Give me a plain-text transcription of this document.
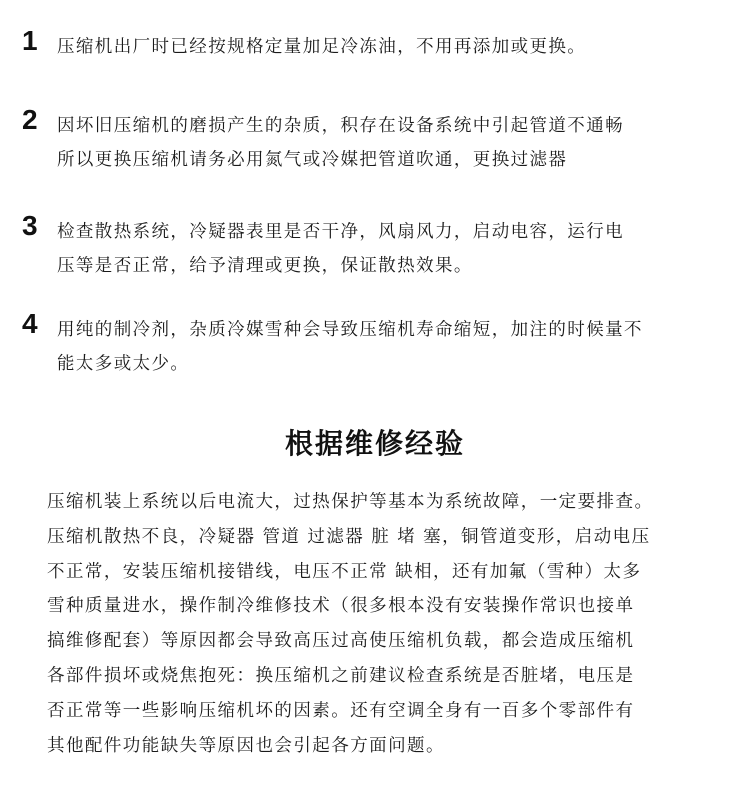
1 压缩机出厂时已经按规格定量加足冷冻油，不用再添加或更换。
2 因坏旧压缩机的磨损产生的杂质，积存在设备系统中引起管道不通畅
所以更换压缩机请务必用氮气或冷媒把管道吹通，更换过滤器
3 检查散热系统，冷疑器表里是否干净，风扇风力，启动电容，运行电
压等是否正常，给予清理或更换，保证散热效果。
4 用纯的制冷剂，杂质冷媒雪种会导致压缩机寿命缩短，加注的时候量不
能太多或太少。
根据维修经验
压缩机装上系统以后电流大，过热保护等基本为系统故障，一定要排查。
压缩机散热不良，冷疑器 管道 过滤器 脏 堵 塞，铜管道变形，启动电压
不正常，安装压缩机接错线，电压不正常 缺相，还有加氟（雪种）太多
雪种质量进水，操作制冷维修技术（很多根本没有安装操作常识也接单
搞维修配套）等原因都会导致高压过高使压缩机负载，都会造成压缩机
各部件损坏或烧焦抱死：换压缩机之前建议检查系统是否脏堵，电压是
否正常等一些影响压缩机坏的因素。还有空调全身有一百多个零部件有
其他配件功能缺失等原因也会引起各方面问题。
